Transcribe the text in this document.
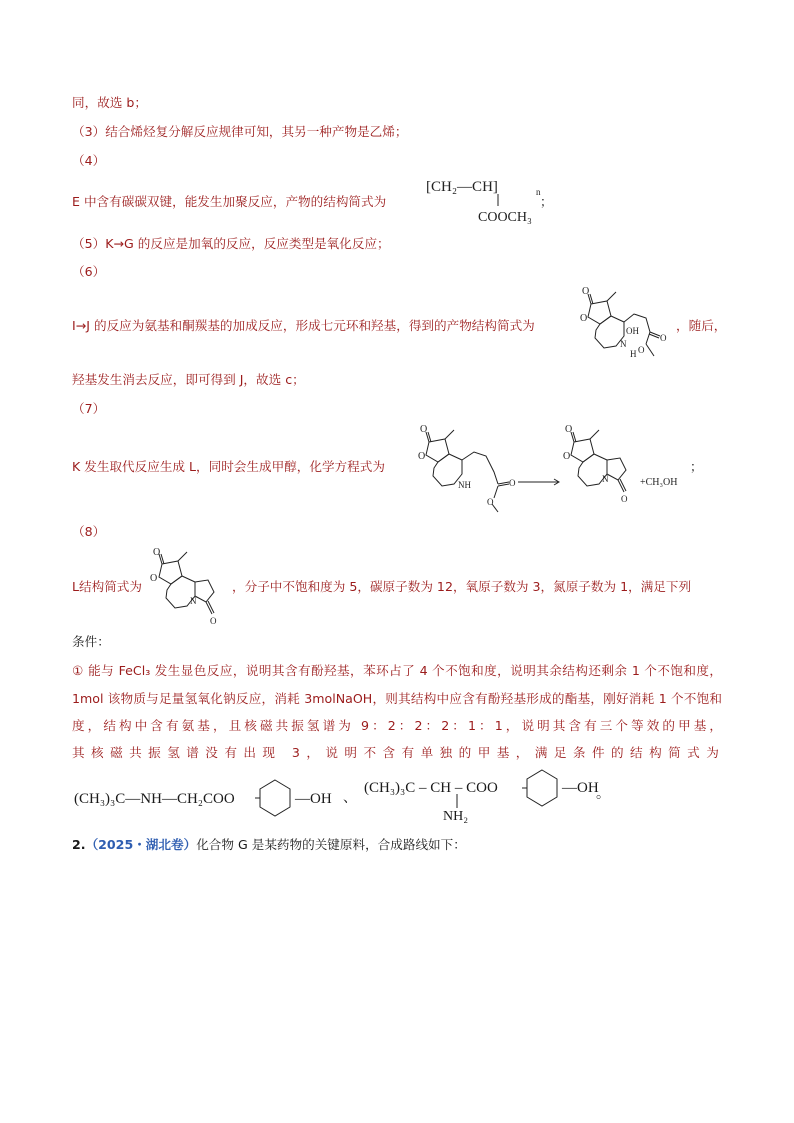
同，故选 b；
（3）结合烯烃复分解反应规律可知，其另一种产物是乙烯；
（4）
E 中含有碳碳双键，能发生加聚反应，产物的结构简式为
[CH₂—CH]	n
COOCH₃
；
（5）K→G 的反应是加氧的反应，反应类型是氧化反应；
（6）
I→J 的反应为氨基和酮羰基的加成反应，形成七元环和羟基，得到的产物结构简式为
O
O
OH
N
H
O
O
，随后，
羟基发生消去反应，即可得到 J，故选 c；
（7）
K 发生取代反应生成 L，同时会生成甲醇，化学方程式为
O
O
NH	O
O
O
O
N
O
+CH₃OH
；
（8）
L结构简式为
O
O
N
O
，分子中不饱和度为 5，碳原子数为 12，氧原子数为 3，氮原子数为 1，满足下列
条件：
① 能与 FeCl₃ 发生显色反应，说明其含有酚羟基，苯环占了 4 个不饱和度，说明其余结构还剩余 1 个不饱和度，1mol 该物质与足量氢氧化钠反应，消耗 3molNaOH，则其结构中应含有酚羟基形成的酯基，刚好消耗 1 个不饱和度，结构中含有氨基，且核磁共振氢谱为 9：2：2：2：1：1，说明其含有三个等效的甲基，
其核磁共振氢谱没有出现 3，说明不含有单独的甲基，满足条件的结构简式为
(CH₃)₃C—NH—CH₂COO	—OH 、
(CH₃)₃C – CH – COO
NH₂
—OH
。
2.（2025・湖北卷）化合物 G 是某药物的关键原料，合成路线如下：
